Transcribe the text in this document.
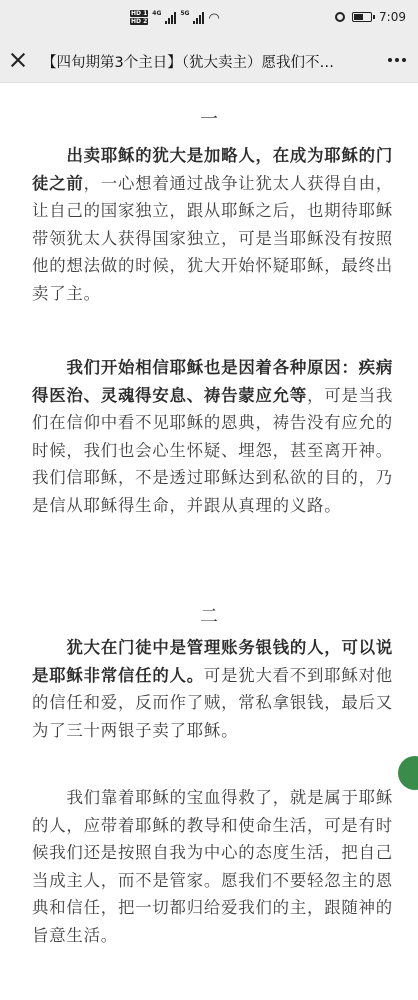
HD 1
HD 2
4G	5G ◠	7:09
【四旬期第3个主日】（犹大卖主）愿我们不…
一

出卖耶稣的犹大是加略人，在成为耶稣的门徒之前，一心想着通过战争让犹太人获得自由，让自己的国家独立，跟从耶稣之后，也期待耶稣带领犹太人获得国家独立，可是当耶稣没有按照他的想法做的时候，犹大开始怀疑耶稣，最终出卖了主。

我们开始相信耶稣也是因着各种原因：疾病得医治、灵魂得安息、祷告蒙应允等，可是当我们在信仰中看不见耶稣的恩典，祷告没有应允的时候，我们也会心生怀疑、埋怨，甚至离开神。我们信耶稣，不是透过耶稣达到私欲的目的，乃是信从耶稣得生命，并跟从真理的义路。

二

犹大在门徒中是管理账务银钱的人，可以说是耶稣非常信任的人。可是犹大看不到耶稣对他的信任和爱，反而作了贼，常私拿银钱，最后又为了三十两银子卖了耶稣。

我们靠着耶稣的宝血得救了，就是属于耶稣的人，应带着耶稣的教导和使命生活，可是有时候我们还是按照自我为中心的态度生活，把自己当成主人，而不是管家。愿我们不要轻忽主的恩典和信任，把一切都归给爱我们的主，跟随神的旨意生活。
